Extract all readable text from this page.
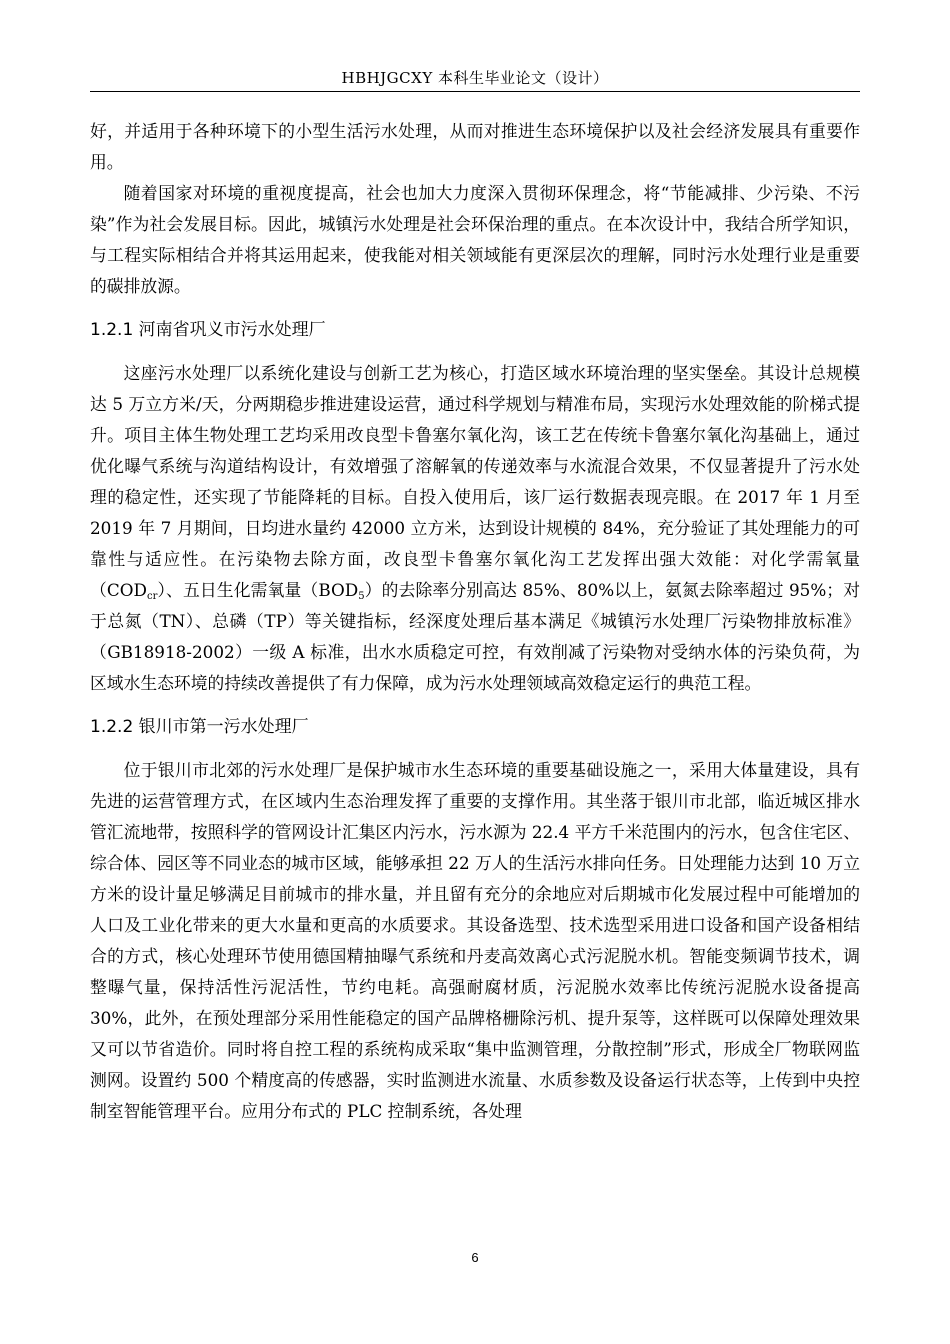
HBHJGCXY 本科生毕业论文（设计）

好，并适用于各种环境下的小型生活污水处理，从而对推进生态环境保护以及社会经济发展具有重要作用。

随着国家对环境的重视度提高，社会也加大力度深入贯彻环保理念，将“节能减排、少污染、不污染”作为社会发展目标。因此，城镇污水处理是社会环保治理的重点。在本次设计中，我结合所学知识，与工程实际相结合并将其运用起来，使我能对相关领域能有更深层次的理解，同时污水处理行业是重要的碳排放源。

1.2.1 河南省巩义市污水处理厂

这座污水处理厂以系统化建设与创新工艺为核心，打造区域水环境治理的坚实堡垒。其设计总规模达 5 万立方米/天，分两期稳步推进建设运营，通过科学规划与精准布局，实现污水处理效能的阶梯式提升。项目主体生物处理工艺均采用改良型卡鲁塞尔氧化沟，该工艺在传统卡鲁塞尔氧化沟基础上，通过优化曝气系统与沟道结构设计，有效增强了溶解氧的传递效率与水流混合效果，不仅显著提升了污水处理的稳定性，还实现了节能降耗的目标。自投入使用后，该厂运行数据表现亮眼。在 2017 年 1 月至 2019 年 7 月期间，日均进水量约 42000 立方米，达到设计规模的 84%，充分验证了其处理能力的可靠性与适应性。在污染物去除方面，改良型卡鲁塞尔氧化沟工艺发挥出强大效能：对化学需氧量$(COD_{cr})$、五日生化需氧量$(BOD_5)$的去除率分别高达 85%、80%以上，氨氮去除率超过 95%；对于总氮（TN）、总磷（TP）等关键指标，经深度处理后基本满足《城镇污水处理厂污染物排放标准》（GB18918-2002）一级 A 标准，出水水质稳定可控，有效削减了污染物对受纳水体的污染负荷，为区域水生态环境的持续改善提供了有力保障，成为污水处理领域高效稳定运行的典范工程。

1.2.2 银川市第一污水处理厂

位于银川市北郊的污水处理厂是保护城市水生态环境的重要基础设施之一，采用大体量建设，具有先进的运营管理方式，在区域内生态治理发挥了重要的支撑作用。其坐落于银川市北部，临近城区排水管汇流地带，按照科学的管网设计汇集区内污水，污水源为 22.4 平方千米范围内的污水，包含住宅区、综合体、园区等不同业态的城市区域，能够承担 22 万人的生活污水排向任务。日处理能力达到 10 万立方米的设计量足够满足目前城市的排水量，并且留有充分的余地应对后期城市化发展过程中可能增加的人口及工业化带来的更大水量和更高的水质要求。其设备选型、技术选型采用进口设备和国产设备相结合的方式，核心处理环节使用德国精抽曝气系统和丹麦高效离心式污泥脱水机。智能变频调节技术，调整曝气量，保持活性污泥活性，节约电耗。高强耐腐材质，污泥脱水效率比传统污泥脱水设备提高 30%，此外，在预处理部分采用性能稳定的国产品牌格栅除污机、提升泵等，这样既可以保障处理效果又可以节省造价。同时将自控工程的系统构成采取“集中监测管理，分散控制”形式，形成全厂物联网监测网。设置约 500 个精度高的传感器，实时监测进水流量、水质参数及设备运行状态等，上传到中央控制室智能管理平台。应用分布式的 PLC 控制系统，各处理

6
